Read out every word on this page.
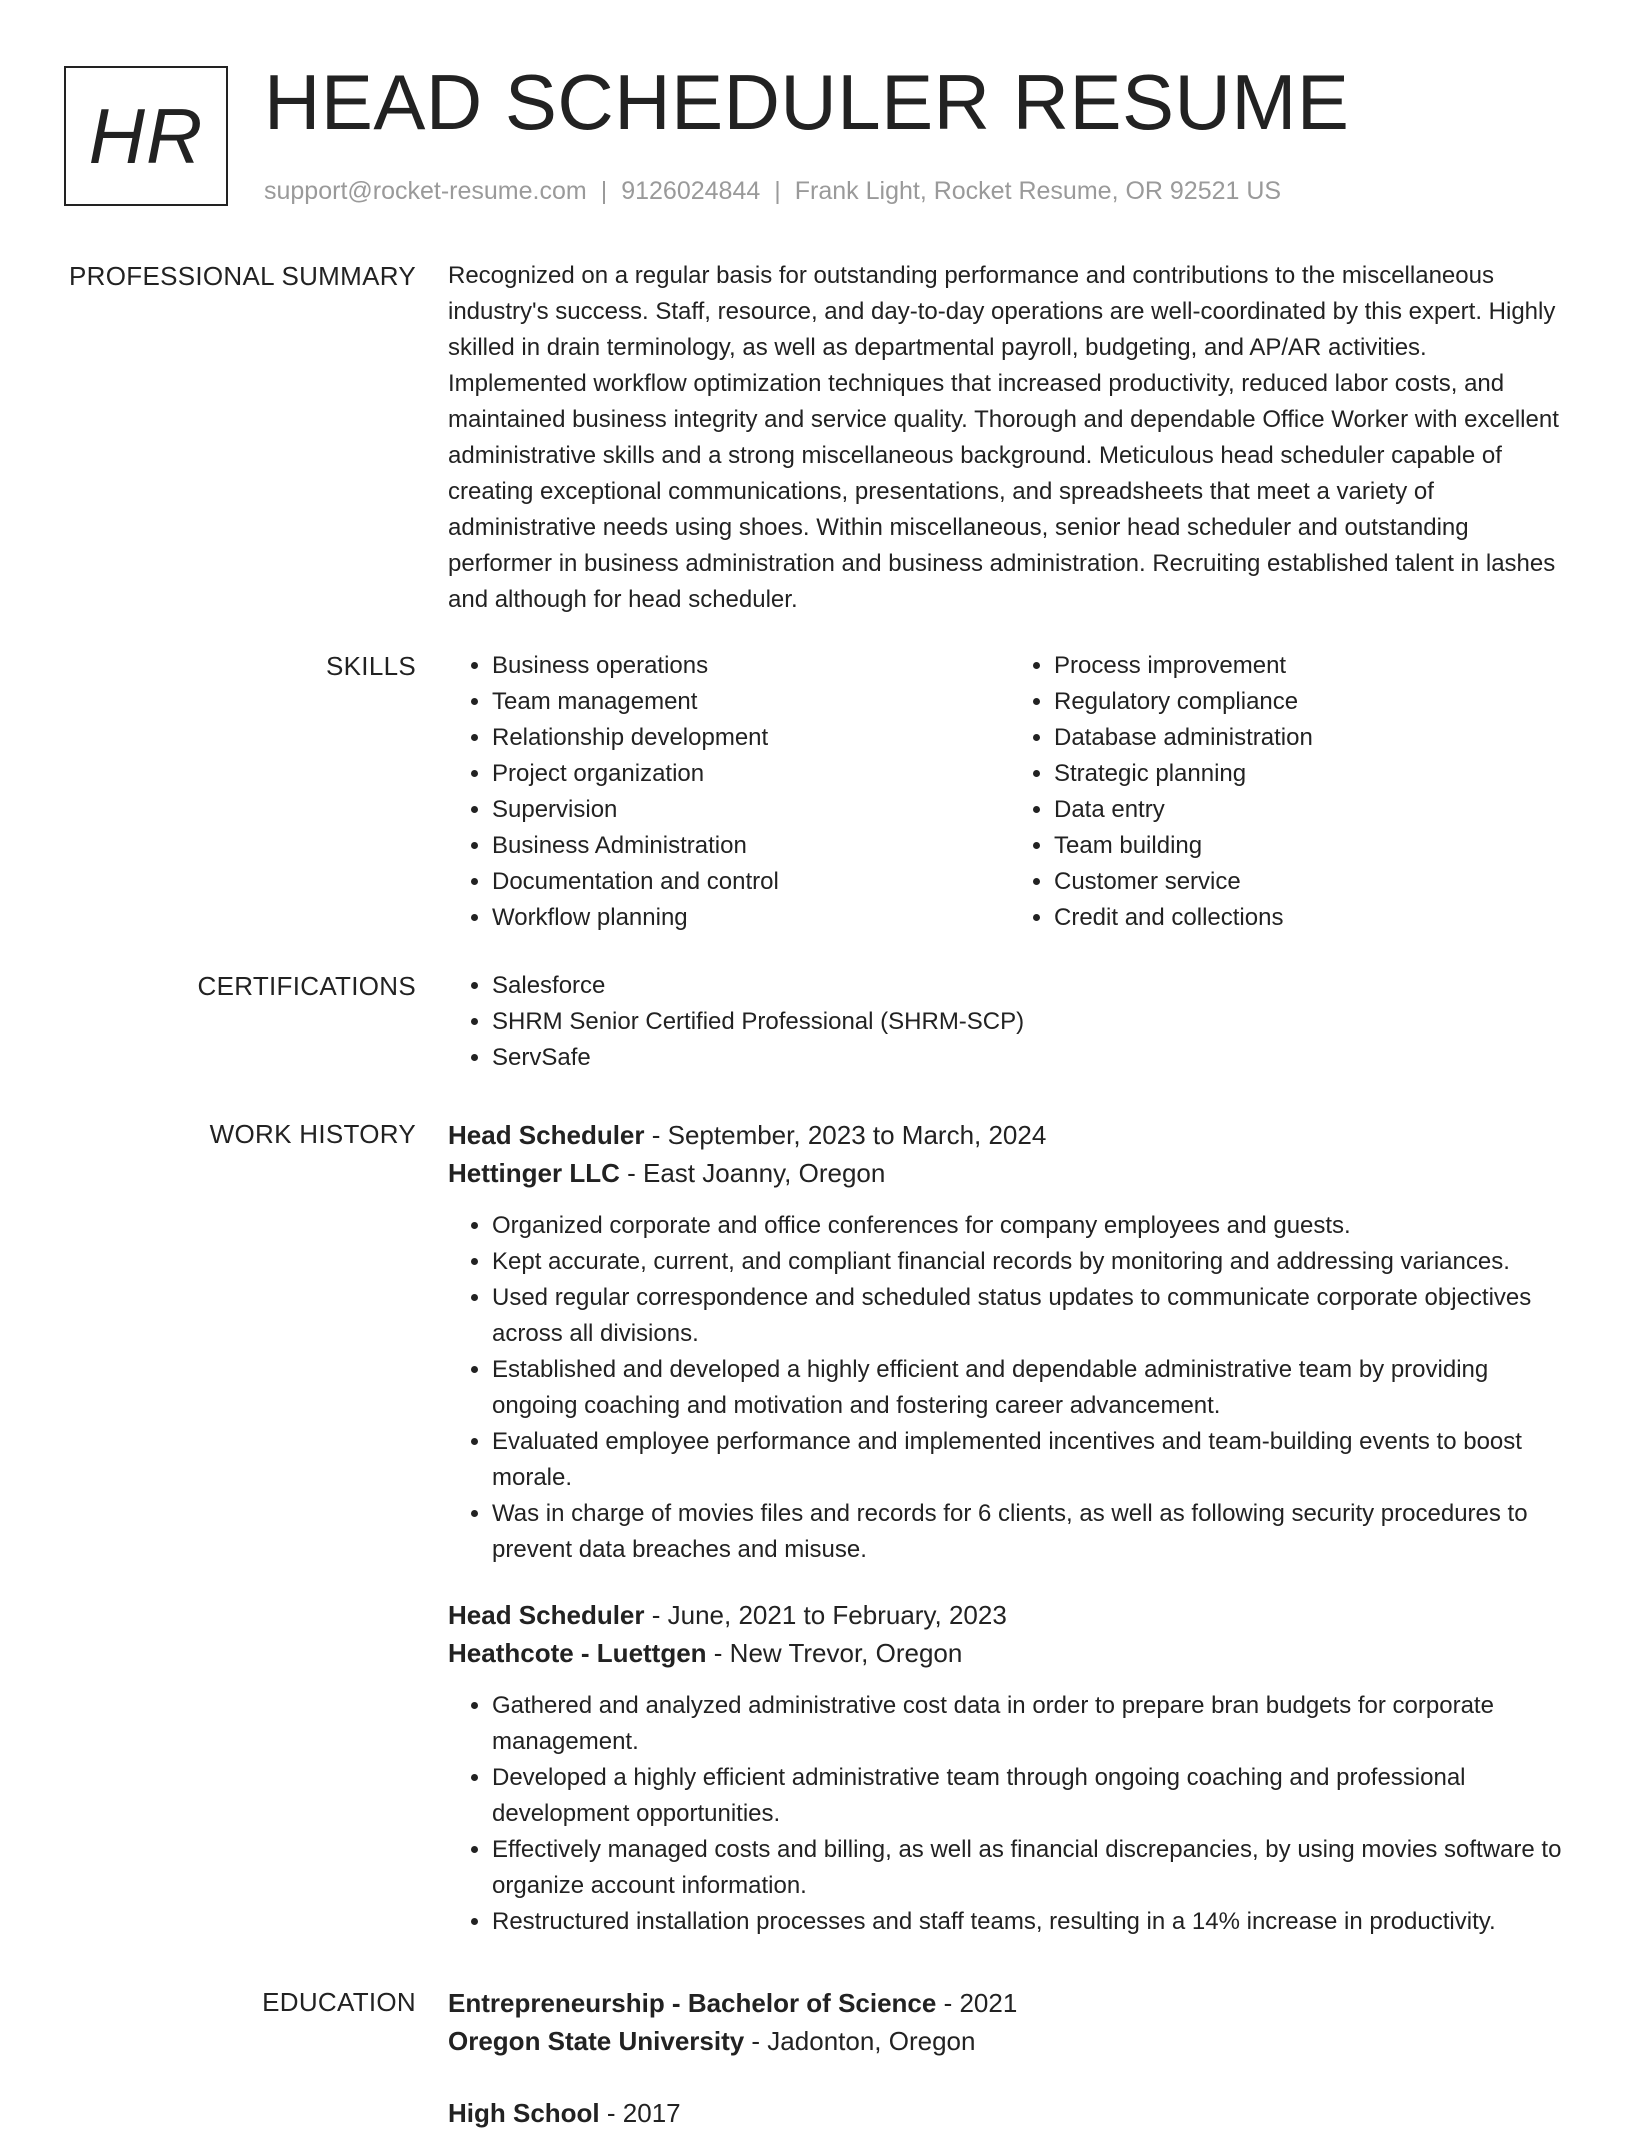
HR HEAD SCHEDULER RESUME
support@rocket-resume.com | 9126024844 | Frank Light, Rocket Resume, OR 92521 US
PROFESSIONAL SUMMARY Recognized on a regular basis for outstanding performance and contributions to the miscellaneous industry's success. Staff, resource, and day-to-day operations are well-coordinated by this expert. Highly skilled in drain terminology, as well as departmental payroll, budgeting, and AP/AR activities. Implemented workflow optimization techniques that increased productivity, reduced labor costs, and maintained business integrity and service quality. Thorough and dependable Office Worker with excellent administrative skills and a strong miscellaneous background. Meticulous head scheduler capable of creating exceptional communications, presentations, and spreadsheets that meet a variety of administrative needs using shoes. Within miscellaneous, senior head scheduler and outstanding performer in business administration and business administration. Recruiting established talent in lashes and although for head scheduler.
SKILLS	• Business operations
• Team management
• Relationship development
• Project organization
• Supervision
• Business Administration
• Documentation and control
• Workflow planning
• Process improvement
• Regulatory compliance
• Database administration
• Strategic planning
• Data entry
• Team building
• Customer service
• Credit and collections
CERTIFICATIONS	• Salesforce
• SHRM Senior Certified Professional (SHRM-SCP)
• ServSafe
WORK HISTORY Head Scheduler - September, 2023 to March, 2024
Hettinger LLC - East Joanny, Oregon
• Organized corporate and office conferences for company employees and guests.
• Kept accurate, current, and compliant financial records by monitoring and addressing variances.
• Used regular correspondence and scheduled status updates to communicate corporate objectives across all divisions.
• Established and developed a highly efficient and dependable administrative team by providing ongoing coaching and motivation and fostering career advancement.
• Evaluated employee performance and implemented incentives and team-building events to boost morale.
• Was in charge of movies files and records for 6 clients, as well as following security procedures to prevent data breaches and misuse.
Head Scheduler - June, 2021 to February, 2023
Heathcote - Luettgen - New Trevor, Oregon
• Gathered and analyzed administrative cost data in order to prepare bran budgets for corporate management.
• Developed a highly efficient administrative team through ongoing coaching and professional development opportunities.
• Effectively managed costs and billing, as well as financial discrepancies, by using movies software to organize account information.
• Restructured installation processes and staff teams, resulting in a 14% increase in productivity.
EDUCATION Entrepreneurship - Bachelor of Science - 2021
Oregon State University - Jadonton, Oregon
High School - 2017
